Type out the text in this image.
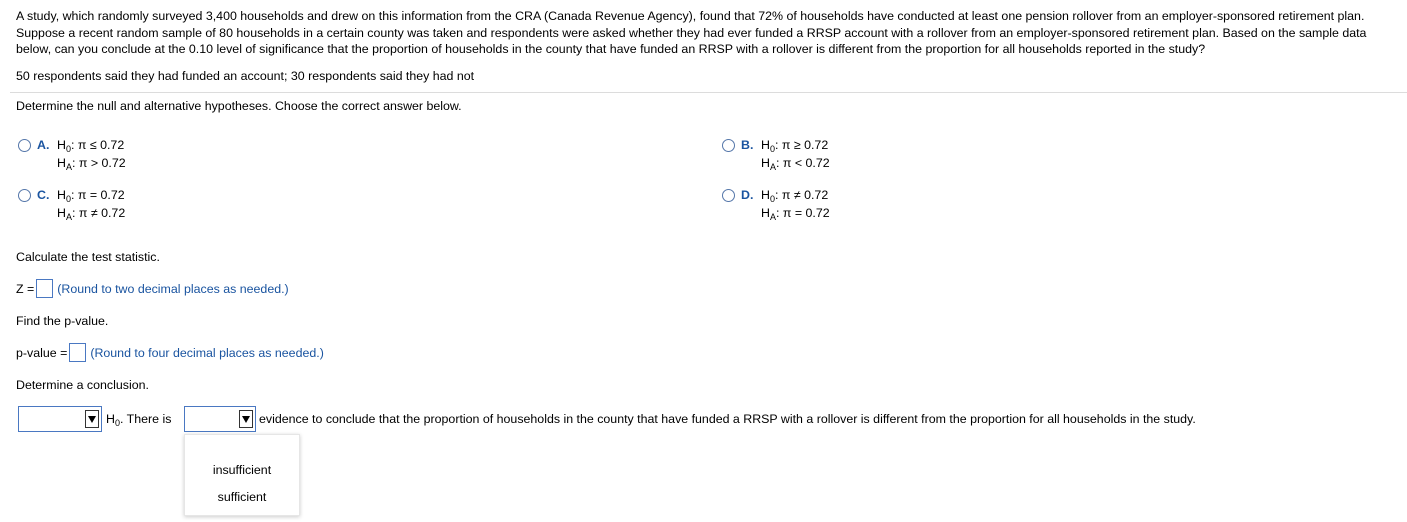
A study, which randomly surveyed 3,400 households and drew on this information from the CRA (Canada Revenue Agency), found that 72% of households have conducted at least one pension rollover from an employer-sponsored retirement plan. Suppose a recent random sample of 80 households in a certain county was taken and respondents were asked whether they had ever funded a RRSP account with a rollover from an employer-sponsored retirement plan. Based on the sample data below, can you conclude at the 0.10 level of significance that the proportion of households in the county that have funded an RRSP with a rollover is different from the proportion for all households reported in the study?
50 respondents said they had funded an account; 30 respondents said they had not
Determine the null and alternative hypotheses. Choose the correct answer below.
A. $H_0$: π ≤ 0.72
$H_A$: π > 0.72
B. $H_0$: π ≥ 0.72
$H_A$: π < 0.72
C. $H_0$: π = 0.72
$H_A$: π ≠ 0.72
D. $H_0$: π ≠ 0.72
$H_A$: π = 0.72
Calculate the test statistic.
Z = (Round to two decimal places as needed.)
Find the p-value.
p-value = (Round to four decimal places as needed.)
Determine a conclusion.
$H_0$. There is	evidence to conclude that the proportion of households in the county that have funded a RRSP with a rollover is different from the proportion for all households in the study.
insufficient
sufficient
